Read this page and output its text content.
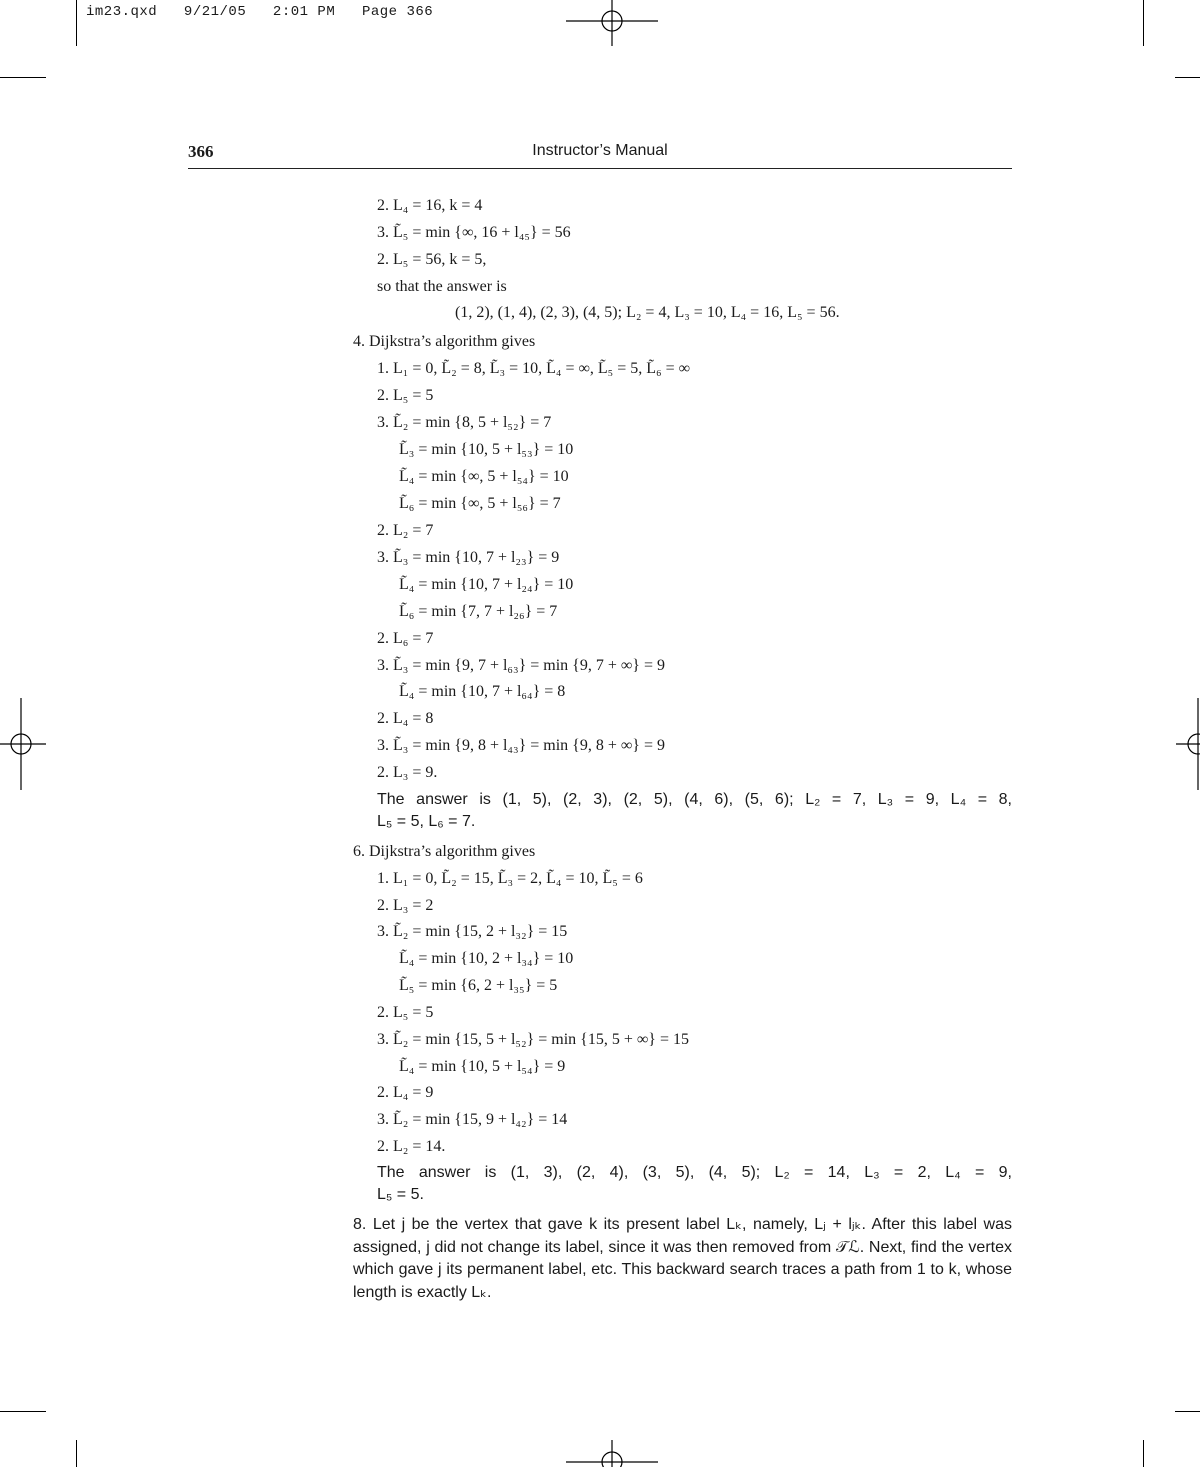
im23.qxd   9/21/05   2:01 PM   Page 366
366	Instructor’s Manual
2. L₄ = 16, k = 4
3. L̃₅ = min {∞, 16 + l₄₅} = 56
2. L₅ = 56, k = 5,
so that the answer is
(1, 2), (1, 4), (2, 3), (4, 5); L₂ = 4, L₃ = 10, L₄ = 16, L₅ = 56.
4. Dijkstra’s algorithm gives
1. L₁ = 0, L̃₂ = 8, L̃₃ = 10, L̃₄ = ∞, L̃₅ = 5, L̃₆ = ∞
2. L₅ = 5
3. L̃₂ = min {8, 5 + l₅₂} = 7
L̃₃ = min {10, 5 + l₅₃} = 10
L̃₄ = min {∞, 5 + l₅₄} = 10
L̃₆ = min {∞, 5 + l₅₆} = 7
2. L₂ = 7
3. L̃₃ = min {10, 7 + l₂₃} = 9
L̃₄ = min {10, 7 + l₂₄} = 10
L̃₆ = min {7, 7 + l₂₆} = 7
2. L₆ = 7
3. L̃₃ = min {9, 7 + l₆₃} = min {9, 7 + ∞} = 9
L̃₄ = min {10, 7 + l₆₄} = 8
2. L₄ = 8
3. L̃₃ = min {9, 8 + l₄₃} = min {9, 8 + ∞} = 9
2. L₃ = 9.
6. Dijkstra’s algorithm gives
1. L₁ = 0, L̃₂ = 15, L̃₃ = 2, L̃₄ = 10, L̃₅ = 6
2. L₃ = 2
3. L̃₂ = min {15, 2 + l₃₂} = 15
L̃₄ = min {10, 2 + l₃₄} = 10
L̃₅ = min {6, 2 + l₃₅} = 5
2. L₅ = 5
3. L̃₂ = min {15, 5 + l₅₂} = min {15, 5 + ∞} = 15
L̃₄ = min {10, 5 + l₅₄} = 9
2. L₄ = 9
3. L̃₂ = min {15, 9 + l₄₂} = 14
2. L₂ = 14.
The answer is (1, 5), (2, 3), (2, 5), (4, 6), (5, 6); L₂ = 7, L₃ = 9, L₄ = 8,
L₅ = 5, L₆ = 7.
The answer is (1, 3), (2, 4), (3, 5), (4, 5); L₂ = 14, L₃ = 2, L₄ = 9,
L₅ = 5.
8. Let j be the vertex that gave k its present label Lₖ, namely, Lⱼ + lⱼₖ. After this label was assigned, j did not change its label, since it was then removed from 𝒯ℒ. Next, find the vertex which gave j its permanent label, etc. This backward search traces a path from 1 to k, whose length is exactly Lₖ.
